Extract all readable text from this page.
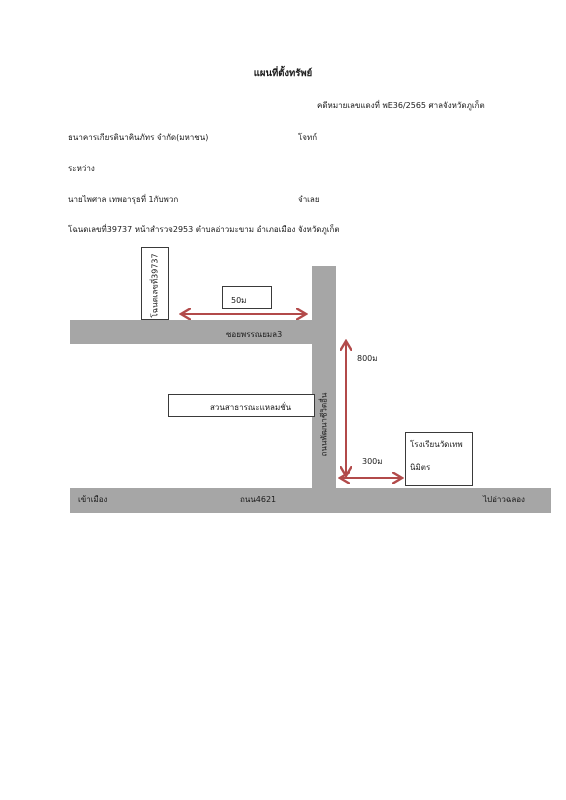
แผนที่ตั้งทรัพย์
คดีหมายเลขแดงที่ พE36/2565 ศาลจังหวัดภูเก็ต
ธนาคารเกียรตินาคินภัทร จำกัด(มหาชน)	โจทก์
ระหว่าง
นายไพศาล เทพอารุธที่ 1กับพวก	จำเลย
โฉนดเลขที่39737 หน้าสำรวจ2953 ตำบลอ่าวมะขาม อำเภอเมือง จังหวัดภูเก็ต
ซอยพรรณยมล3
เข้าเมือง	ถนน4621	ไปอ่าวฉลอง
ถนนพัฒนาชีวิตอื่น
โฉนดเลขที่39737	50ม
800ม
สวนสาธารณะแหลมชั่น
300ม
โรงเรียนวัดเทพ
นิมิตร
